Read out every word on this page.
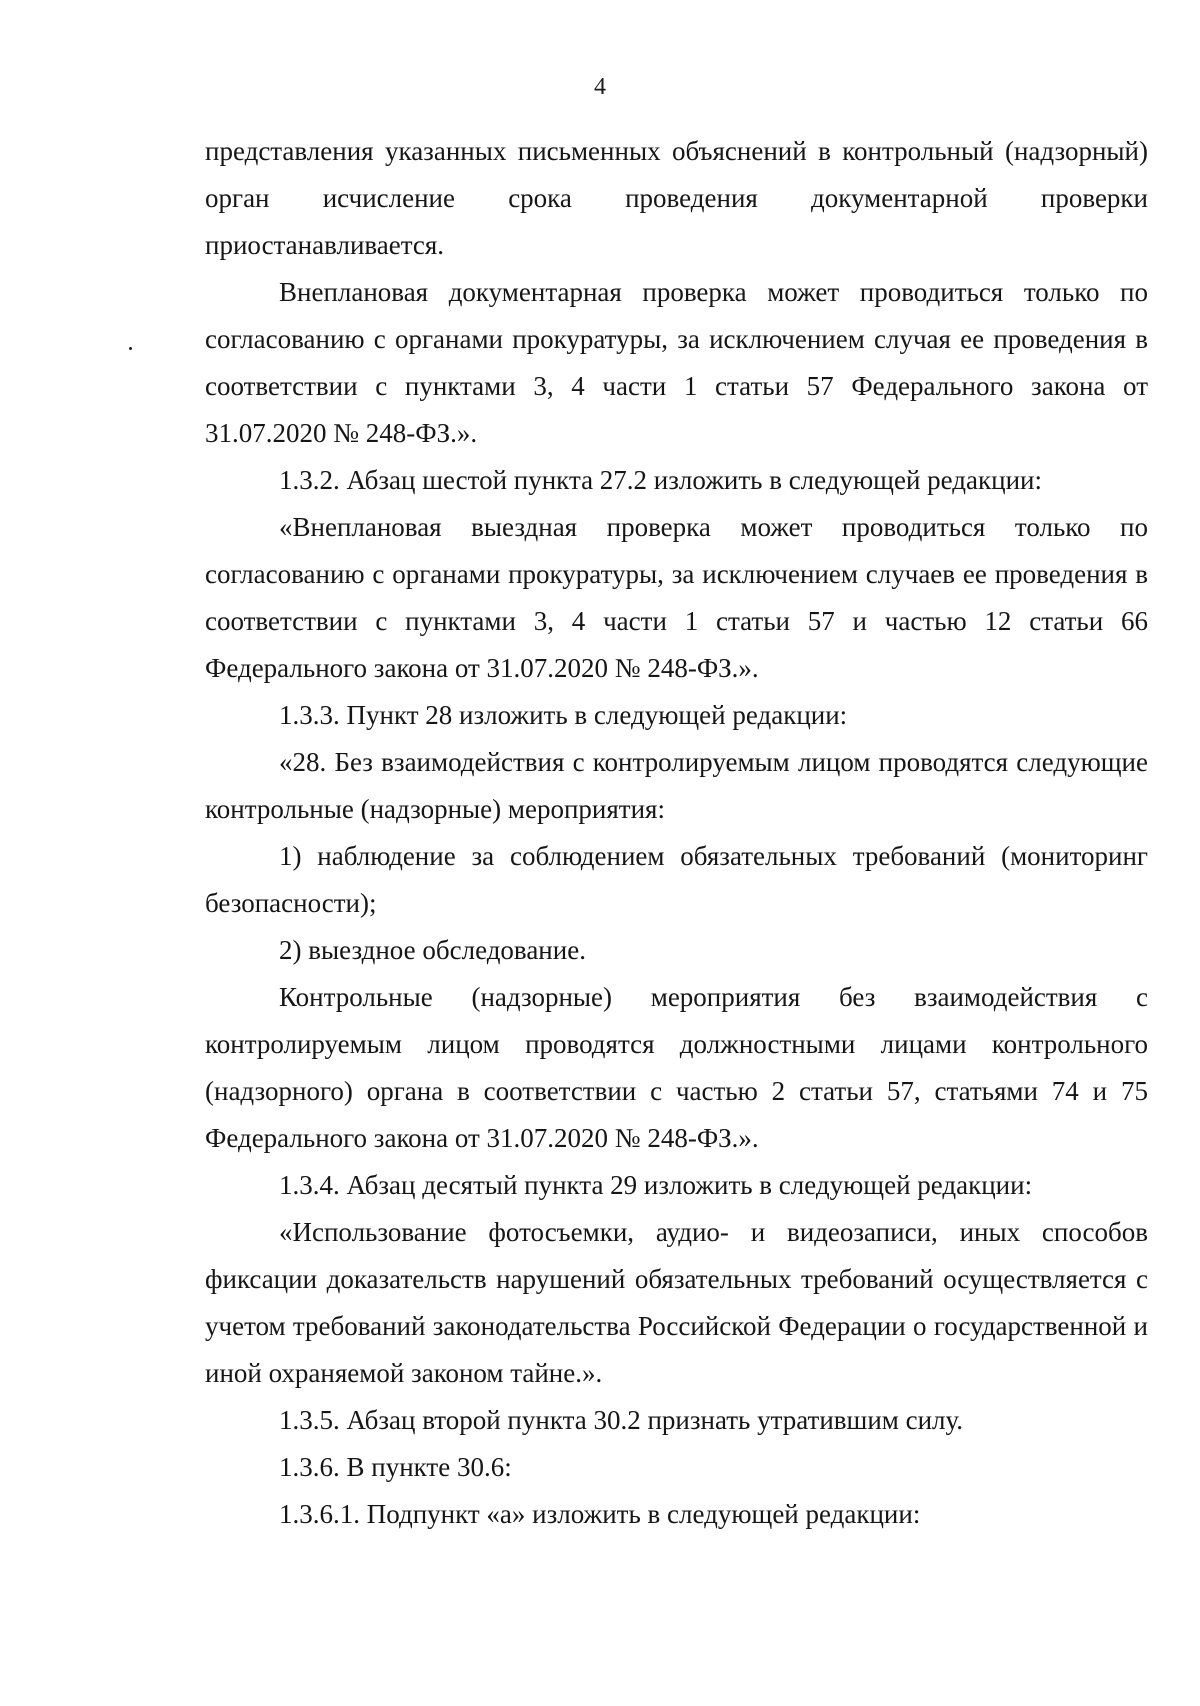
4

представления указанных письменных объяснений в контрольный (надзорный) орган исчисление срока проведения документарной проверки приостанавливается.

Внеплановая документарная проверка может проводиться только по согласованию с органами прокуратуры, за исключением случая ее проведения в соответствии с пунктами 3, 4 части 1 статьи 57 Федерального закона от 31.07.2020 № 248-ФЗ.».

1.3.2. Абзац шестой пункта 27.2 изложить в следующей редакции:

«Внеплановая выездная проверка может проводиться только по согласованию с органами прокуратуры, за исключением случаев ее проведения в соответствии с пунктами 3, 4 части 1 статьи 57 и частью 12 статьи 66 Федерального закона от 31.07.2020 № 248-ФЗ.».

1.3.3. Пункт 28 изложить в следующей редакции:

«28. Без взаимодействия с контролируемым лицом проводятся следующие контрольные (надзорные) мероприятия:

1) наблюдение за соблюдением обязательных требований (мониторинг безопасности);

2) выездное обследование.

Контрольные (надзорные) мероприятия без взаимодействия с контролируемым лицом проводятся должностными лицами контрольного (надзорного) органа в соответствии с частью 2 статьи 57, статьями 74 и 75 Федерального закона от 31.07.2020 № 248-ФЗ.».

1.3.4. Абзац десятый пункта 29 изложить в следующей редакции:

«Использование фотосъемки, аудио- и видеозаписи, иных способов фиксации доказательств нарушений обязательных требований осуществляется с учетом требований законодательства Российской Федерации о государственной и иной охраняемой законом тайне.».

1.3.5. Абзац второй пункта 30.2 признать утратившим силу.

1.3.6. В пункте 30.6:

1.3.6.1. Подпункт «а» изложить в следующей редакции:
